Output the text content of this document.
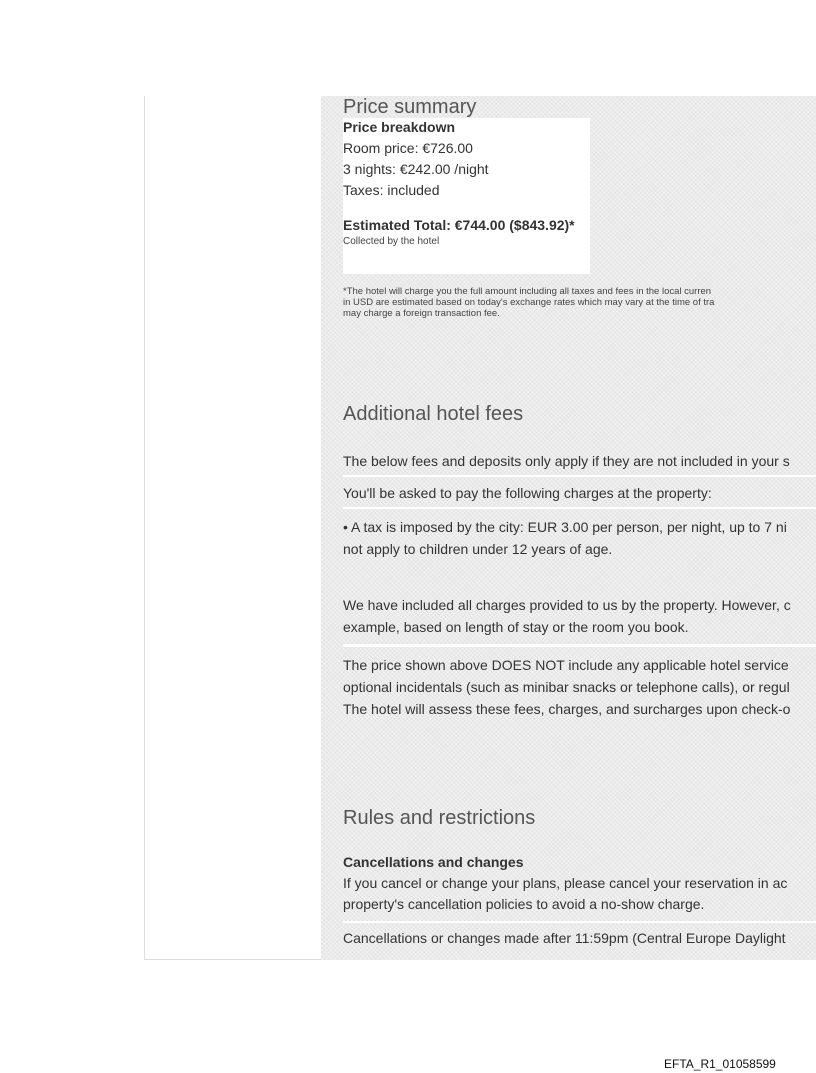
Price summary
Price breakdown
Room price: €726.00
3 nights: €242.00 /night
Taxes: included
Estimated Total: €744.00 ($843.92)*
Collected by the hotel
*The hotel will charge you the full amount including all taxes and fees in the local curren
in USD are estimated based on today's exchange rates which may vary at the time of tra
may charge a foreign transaction fee.
Additional hotel fees
The below fees and deposits only apply if they are not included in your s
You'll be asked to pay the following charges at the property:
• A tax is imposed by the city: EUR 3.00 per person, per night, up to 7 ni
not apply to children under 12 years of age.
We have included all charges provided to us by the property. However, c
example, based on length of stay or the room you book.
The price shown above DOES NOT include any applicable hotel service
optional incidentals (such as minibar snacks or telephone calls), or regul
The hotel will assess these fees, charges, and surcharges upon check-o
Rules and restrictions
Cancellations and changes
If you cancel or change your plans, please cancel your reservation in ac
property's cancellation policies to avoid a no-show charge.
Cancellations or changes made after 11:59pm (Central Europe Daylight
EFTA_R1_01058599
